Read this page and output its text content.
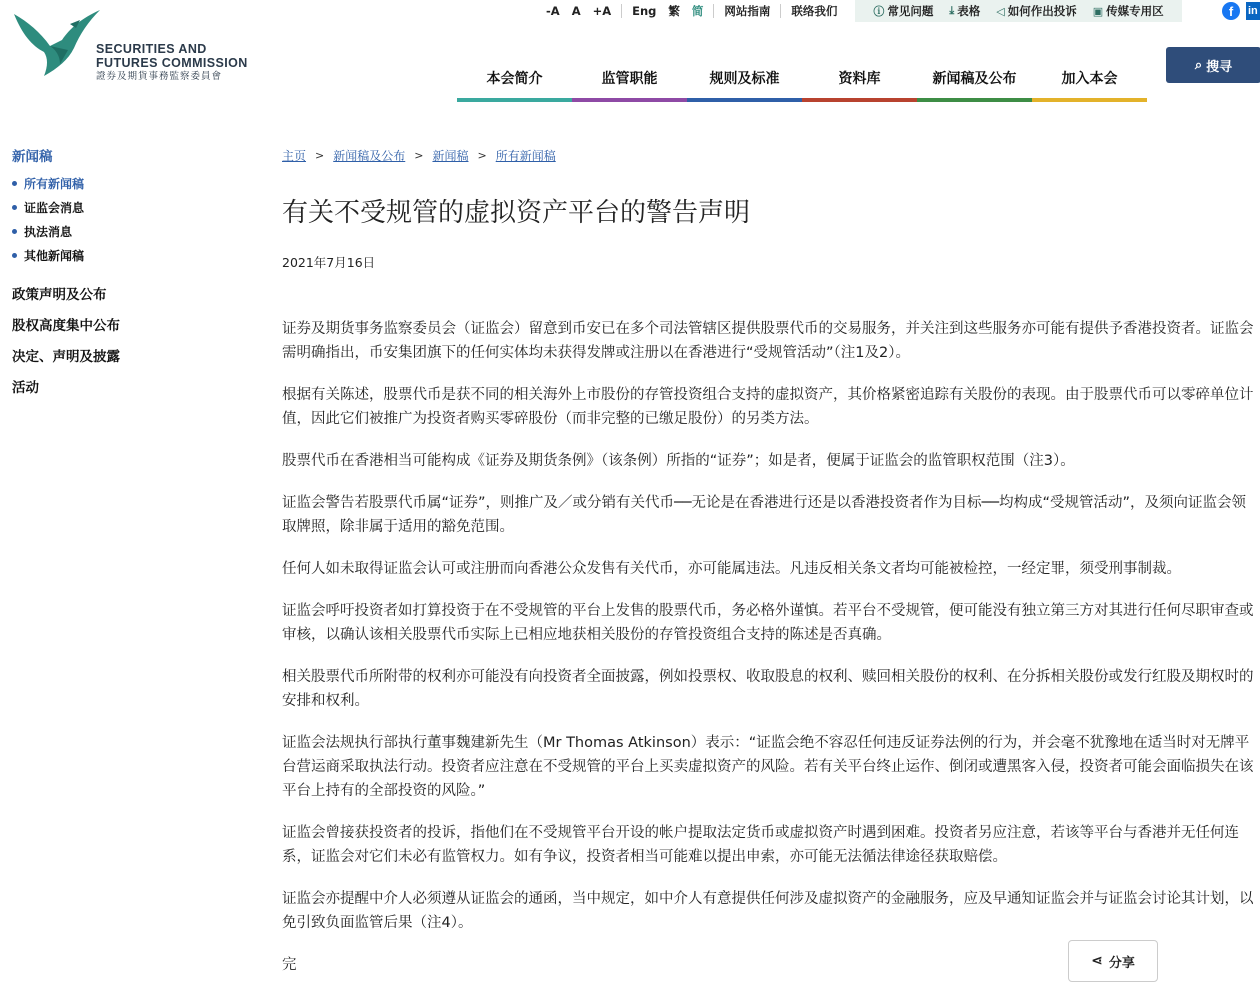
SECURITIES AND
FUTURES COMMISSION
證券及期貨事務監察委員會
-A	A	+A	Eng	繁	简	网站指南	联络我们	ⓘ 常见问题 ⤓ 表格 ◁ 如何作出投诉 ▣ 传媒专用区	f	in
本会简介	监管职能	规则及标准	资料库	新闻稿及公布	加入本会
⌕ 搜寻
新闻稿
所有新闻稿
证监会消息
执法消息
其他新闻稿
政策声明及公布
股权高度集中公布
决定、声明及披露
活动
主页 > 新闻稿及公布 > 新闻稿 > 所有新闻稿
有关不受规管的虚拟资产平台的警告声明
2021年7月16日

证券及期货事务监察委员会（证监会）留意到币安已在多个司法管辖区提供股票代币的交易服务，并关注到这些服务亦可能有提供予香港投资者。证监会需明确指出，币安集团旗下的任何实体均未获得发牌或注册以在香港进行“受规管活动”（注1及2）。

根据有关陈述，股票代币是获不同的相关海外上市股份的存管投资组合支持的虚拟资产，其价格紧密追踪有关股份的表现。由于股票代币可以零碎单位计值，因此它们被推广为投资者购买零碎股份（而非完整的已缴足股份）的另类方法。

股票代币在香港相当可能构成《证券及期货条例》（该条例）所指的“证券”；如是者，便属于证监会的监管职权范围（注3）。

证监会警告若股票代币属“证券”，则推广及／或分销有关代币──无论是在香港进行还是以香港投资者作为目标──均构成“受规管活动”，及须向证监会领取牌照，除非属于适用的豁免范围。

任何人如未取得证监会认可或注册而向香港公众发售有关代币，亦可能属违法。凡违反相关条文者均可能被检控，一经定罪，须受刑事制裁。

证监会呼吁投资者如打算投资于在不受规管的平台上发售的股票代币，务必格外谨慎。若平台不受规管，便可能没有独立第三方对其进行任何尽职审查或审核，以确认该相关股票代币实际上已相应地获相关股份的存管投资组合支持的陈述是否真确。

相关股票代币所附带的权利亦可能没有向投资者全面披露，例如投票权、收取股息的权利、赎回相关股份的权利、在分拆相关股份或发行红股及期权时的安排和权利。

证监会法规执行部执行董事魏建新先生（Mr Thomas Atkinson）表示：“证监会绝不容忍任何违反证券法例的行为，并会毫不犹豫地在适当时对无牌平台营运商采取执法行动。投资者应注意在不受规管的平台上买卖虚拟资产的风险。若有关平台终止运作、倒闭或遭黑客入侵，投资者可能会面临损失在该平台上持有的全部投资的风险。”

证监会曾接获投资者的投诉，指他们在不受规管平台开设的帐户提取法定货币或虚拟资产时遇到困难。投资者另应注意，若该等平台与香港并无任何连系，证监会对它们未必有监管权力。如有争议，投资者相当可能难以提出申索，亦可能无法循法律途径获取赔偿。

证监会亦提醒中介人必须遵从证监会的通函，当中规定，如中介人有意提供任何涉及虚拟资产的金融服务，应及早通知证监会并与证监会讨论其计划，以免引致负面监管后果（注4）。

完	⋖ 分享
